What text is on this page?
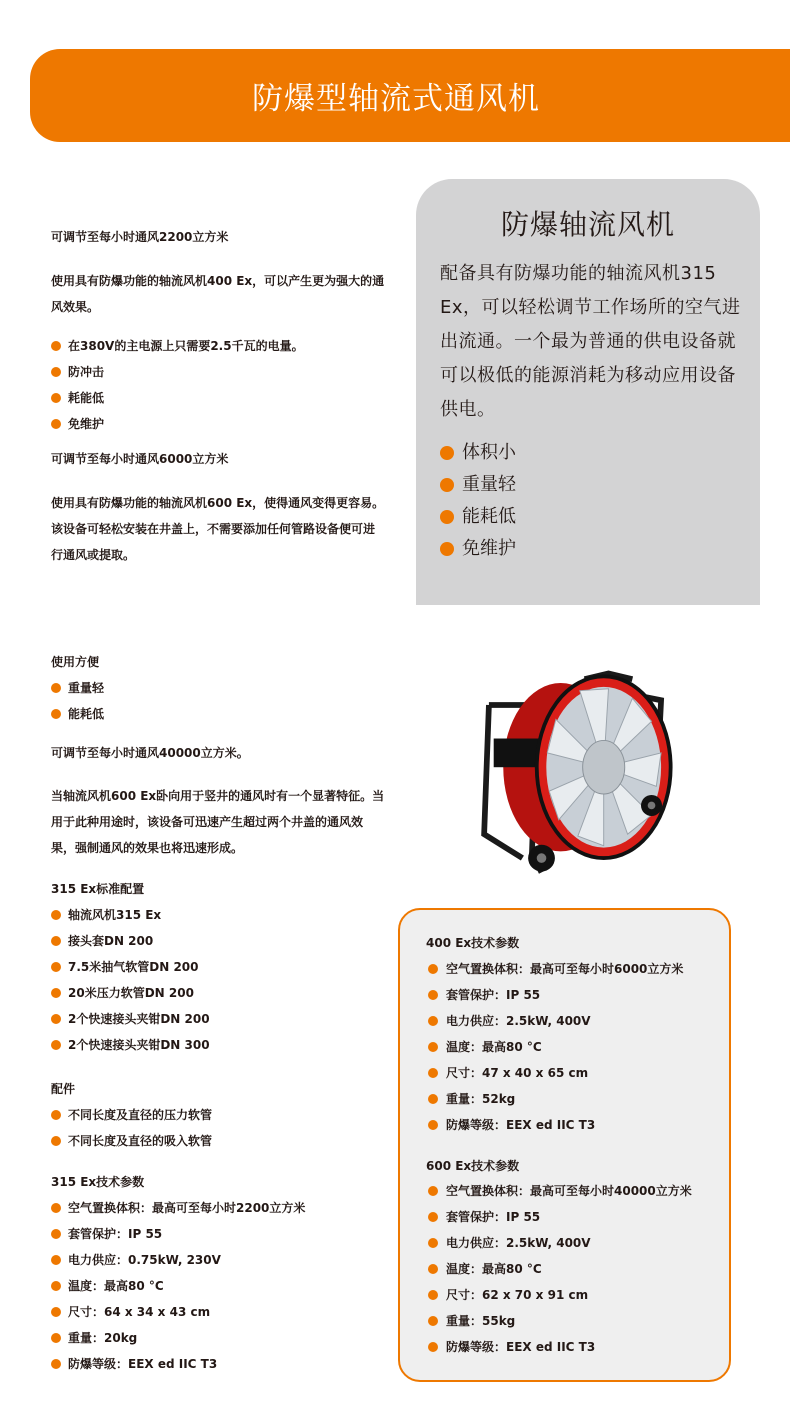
防爆型轴流式通风机
可调节至每小时通风2200立方米
使用具有防爆功能的轴流风机400 Ex，可以产生更为强大的通风效果。
在380V的主电源上只需要2.5千瓦的电量。
防冲击
耗能低
免维护
可调节至每小时通风6000立方米
使用具有防爆功能的轴流风机600 Ex，使得通风变得更容易。该设备可轻松安装在井盖上，不需要添加任何管路设备便可进行通风或提取。
防爆轴流风机
配备具有防爆功能的轴流风机315 Ex，可以轻松调节工作场所的空气进出流通。一个最为普通的供电设备就可以极低的能源消耗为移动应用设备供电。
体积小
重量轻
能耗低
免维护
使用方便
重量轻
能耗低
可调节至每小时通风40000立方米。
当轴流风机600 Ex卧向用于竖井的通风时有一个显著特征。当用于此种用途时，该设备可迅速产生超过两个井盖的通风效果，强制通风的效果也将迅速形成。
315 Ex标准配置
轴流风机315 Ex
接头套DN 200
7.5米抽气软管DN 200
20米压力软管DN 200
2个快速接头夹钳DN 200
2个快速接头夹钳DN 300
配件
不同长度及直径的压力软管
不同长度及直径的吸入软管
315 Ex技术参数
空气置换体积：最高可至每小时2200立方米
套管保护：IP 55
电力供应：0.75kW, 230V
温度：最高80 °C
尺寸：64 x 34 x 43 cm
重量：20kg
防爆等级：EEX ed IIC T3
400 Ex技术参数
空气置换体积：最高可至每小时6000立方米
套管保护：IP 55
电力供应：2.5kW, 400V
温度：最高80 °C
尺寸：47 x 40 x 65 cm
重量：52kg
防爆等级：EEX ed IIC T3
600 Ex技术参数
空气置换体积：最高可至每小时40000立方米
套管保护：IP 55
电力供应：2.5kW, 400V
温度：最高80 °C
尺寸：62 x 70 x 91 cm
重量：55kg
防爆等级：EEX ed IIC T3
